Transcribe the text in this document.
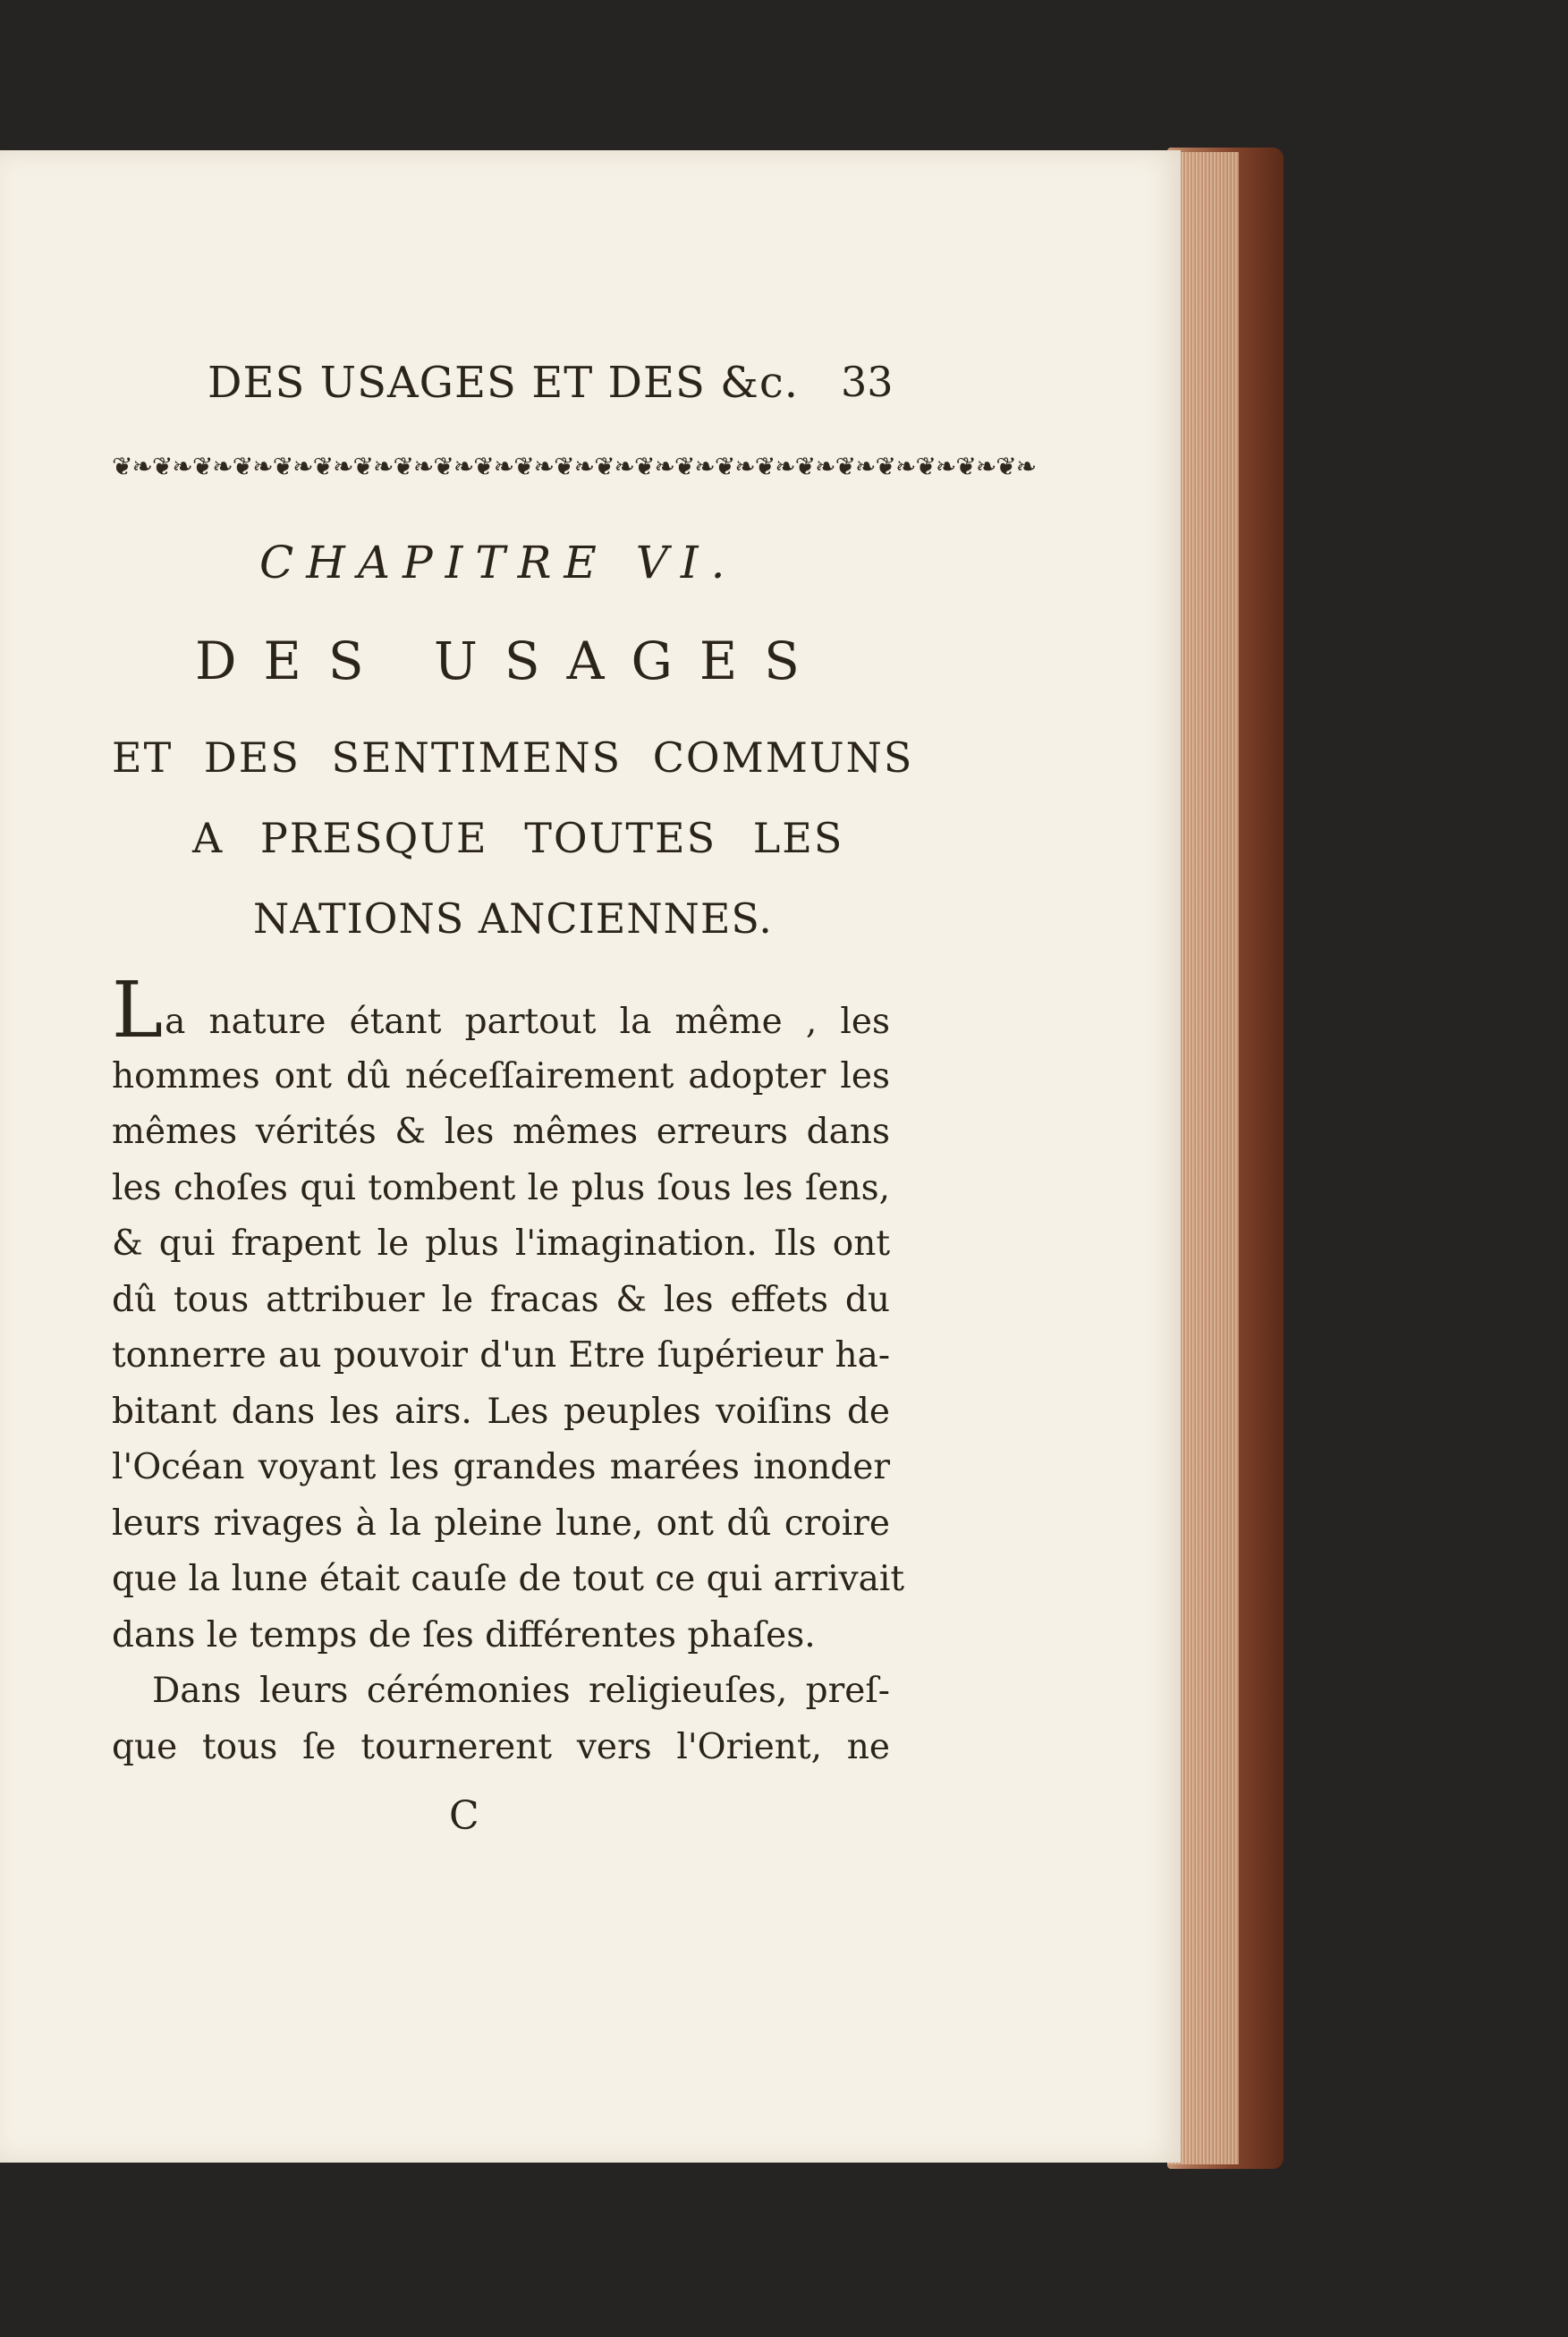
DES USAGES ET DES &c. 33
❦❧❦❧❦❧❦❧❦❧❦❧❦❧❦❧❦❧❦❧❦❧❦❧❦❧❦❧❦❧❦❧❦❧❦❧❦❧❦❧❦❧❦❧❦❧
CHAPITRE VI.
DES USAGES
ET DES SENTIMENS COMMUNS
A PRESQUE TOUTES LES
NATIONS ANCIENNES.
La nature étant partout la même , les
hommes ont dû néceſſairement adopter les
mêmes vérités & les mêmes erreurs dans
les choſes qui tombent le plus ſous les ſens,
& qui frapent le plus l'imagination. Ils ont
dû tous attribuer le fracas & les effets du
tonnerre au pouvoir d'un Etre ſupérieur ha-
bitant dans les airs. Les peuples voiſins de
l'Océan voyant les grandes marées inonder
leurs rivages à la pleine lune, ont dû croire
que la lune était cauſe de tout ce qui arrivait
dans le temps de ſes différentes phaſes.
Dans leurs cérémonies religieuſes, preſ-
que tous ſe tournerent vers l'Orient, ne
C
